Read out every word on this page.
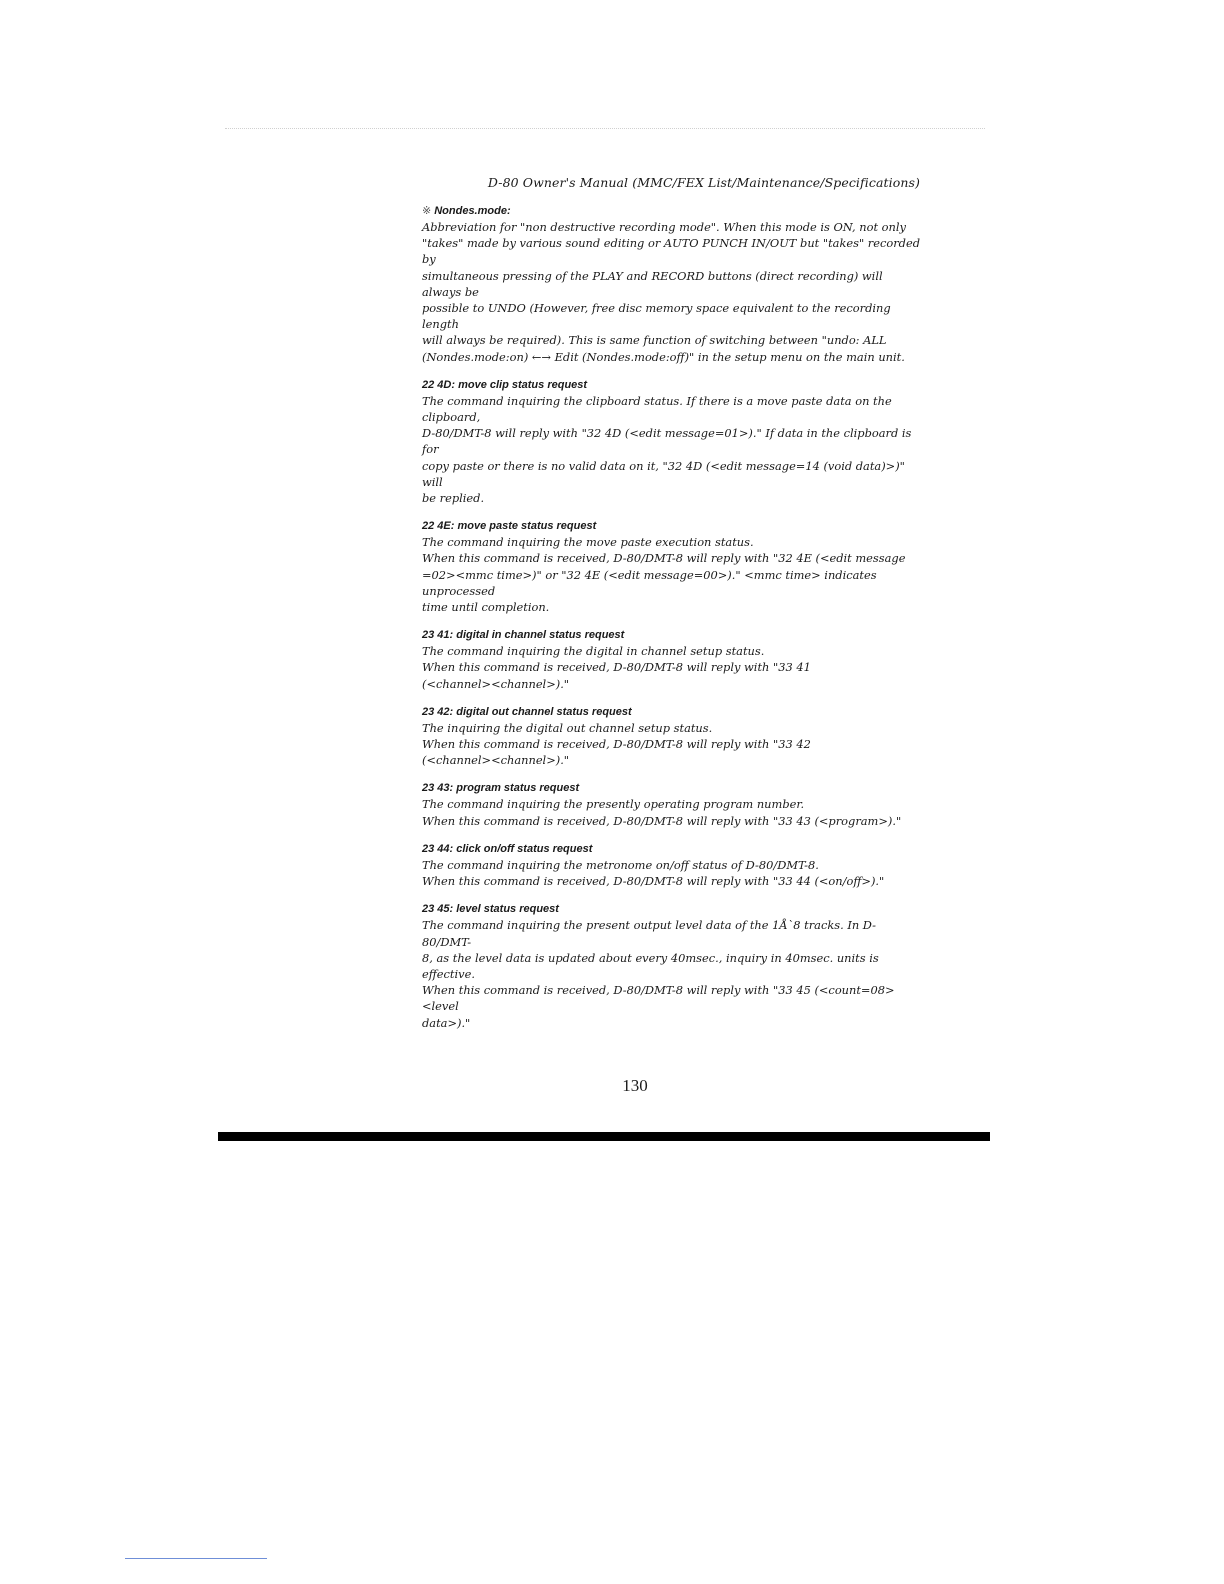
D-80 Owner's Manual (MMC/FEX List/Maintenance/Specifications)
※ Nondes.mode:
Abbreviation for "non destructive recording mode". When this mode is ON, not only
"takes" made by various sound editing or AUTO PUNCH IN/OUT but "takes" recorded by
simultaneous pressing of the PLAY and RECORD buttons (direct recording) will always be
possible to UNDO (However, free disc memory space equivalent to the recording length
will always be required). This is same function of switching between "undo: ALL
(Nondes.mode:on) ←→ Edit (Nondes.mode:off)" in the setup menu on the main unit.
22 4D: move clip status request
The command inquiring the clipboard status. If there is a move paste data on the clipboard,
D-80/DMT-8 will reply with "32 4D (<edit message=01>)." If data in the clipboard is for
copy paste or there is no valid data on it, "32 4D (<edit message=14 (void data)>)" will
be replied.
22 4E: move paste status request
The command inquiring the move paste execution status.
When this command is received, D-80/DMT-8 will reply with "32 4E (<edit message
=02><mmc time>)" or "32 4E (<edit message=00>)." <mmc time> indicates unprocessed
time until completion.
23 41: digital in channel status request
The command inquiring the digital in channel setup status.
When this command is received, D-80/DMT-8 will reply with "33 41
(<channel><channel>)."
23 42: digital out channel status request
The inquiring the digital out channel setup status.
When this command is received, D-80/DMT-8 will reply with "33 42
(<channel><channel>)."
23 43: program status request
The command inquiring the presently operating program number.
When this command is received, D-80/DMT-8 will reply with "33 43 (<program>)."
23 44: click on/off status request
The command inquiring the metronome on/off status of D-80/DMT-8.
When this command is received, D-80/DMT-8 will reply with "33 44 (<on/off>)."
23 45: level status request
The command inquiring the present output level data of the 1Å`8 tracks. In D-80/DMT-
8, as the level data is updated about every 40msec., inquiry in 40msec. units is effective.
When this command is received, D-80/DMT-8 will reply with "33 45 (<count=08><level
data>)."
130
